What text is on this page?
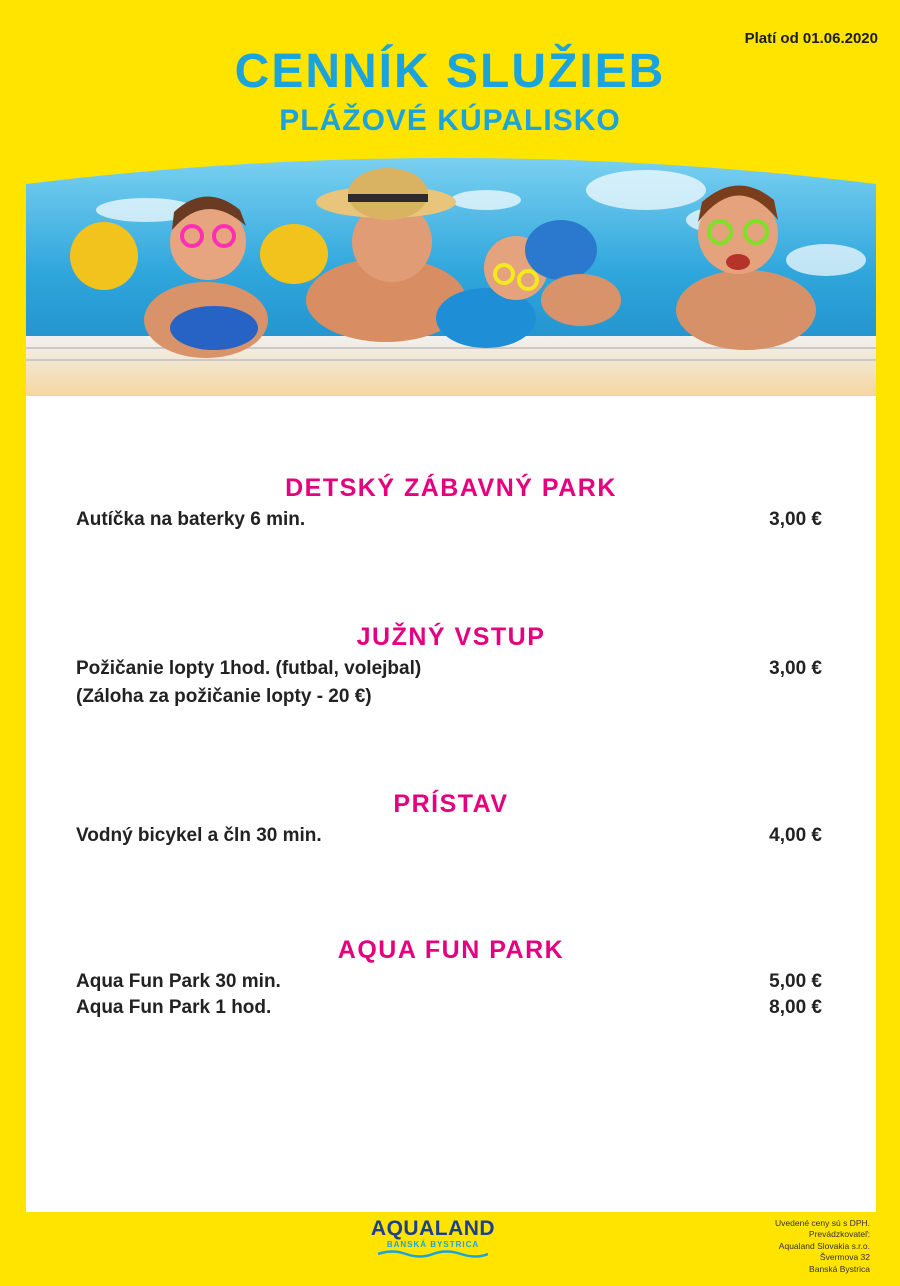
Platí od 01.06.2020
CENNÍK SLUŽIEB
PLÁŽOVÉ KÚPALISKO
DETSKÝ ZÁBAVNÝ PARK
Autíčka na baterky 6 min.	3,00 €
JUŽNÝ VSTUP
Požičanie lopty 1hod. (futbal, volejbal)	3,00 €
(Záloha za požičanie lopty - 20 €)
PRÍSTAV
Vodný bicykel a čln 30 min.	4,00 €
AQUA FUN PARK
Aqua Fun Park 30 min.	5,00 €
Aqua Fun Park 1 hod.	8,00 €
AQUALAND
BANSKÁ BYSTRICA
Uvedené ceny sú s DPH.
Prevádzkovateľ:
Aqualand Slovakia s.r.o.
Švermova 32
Banská Bystrica
